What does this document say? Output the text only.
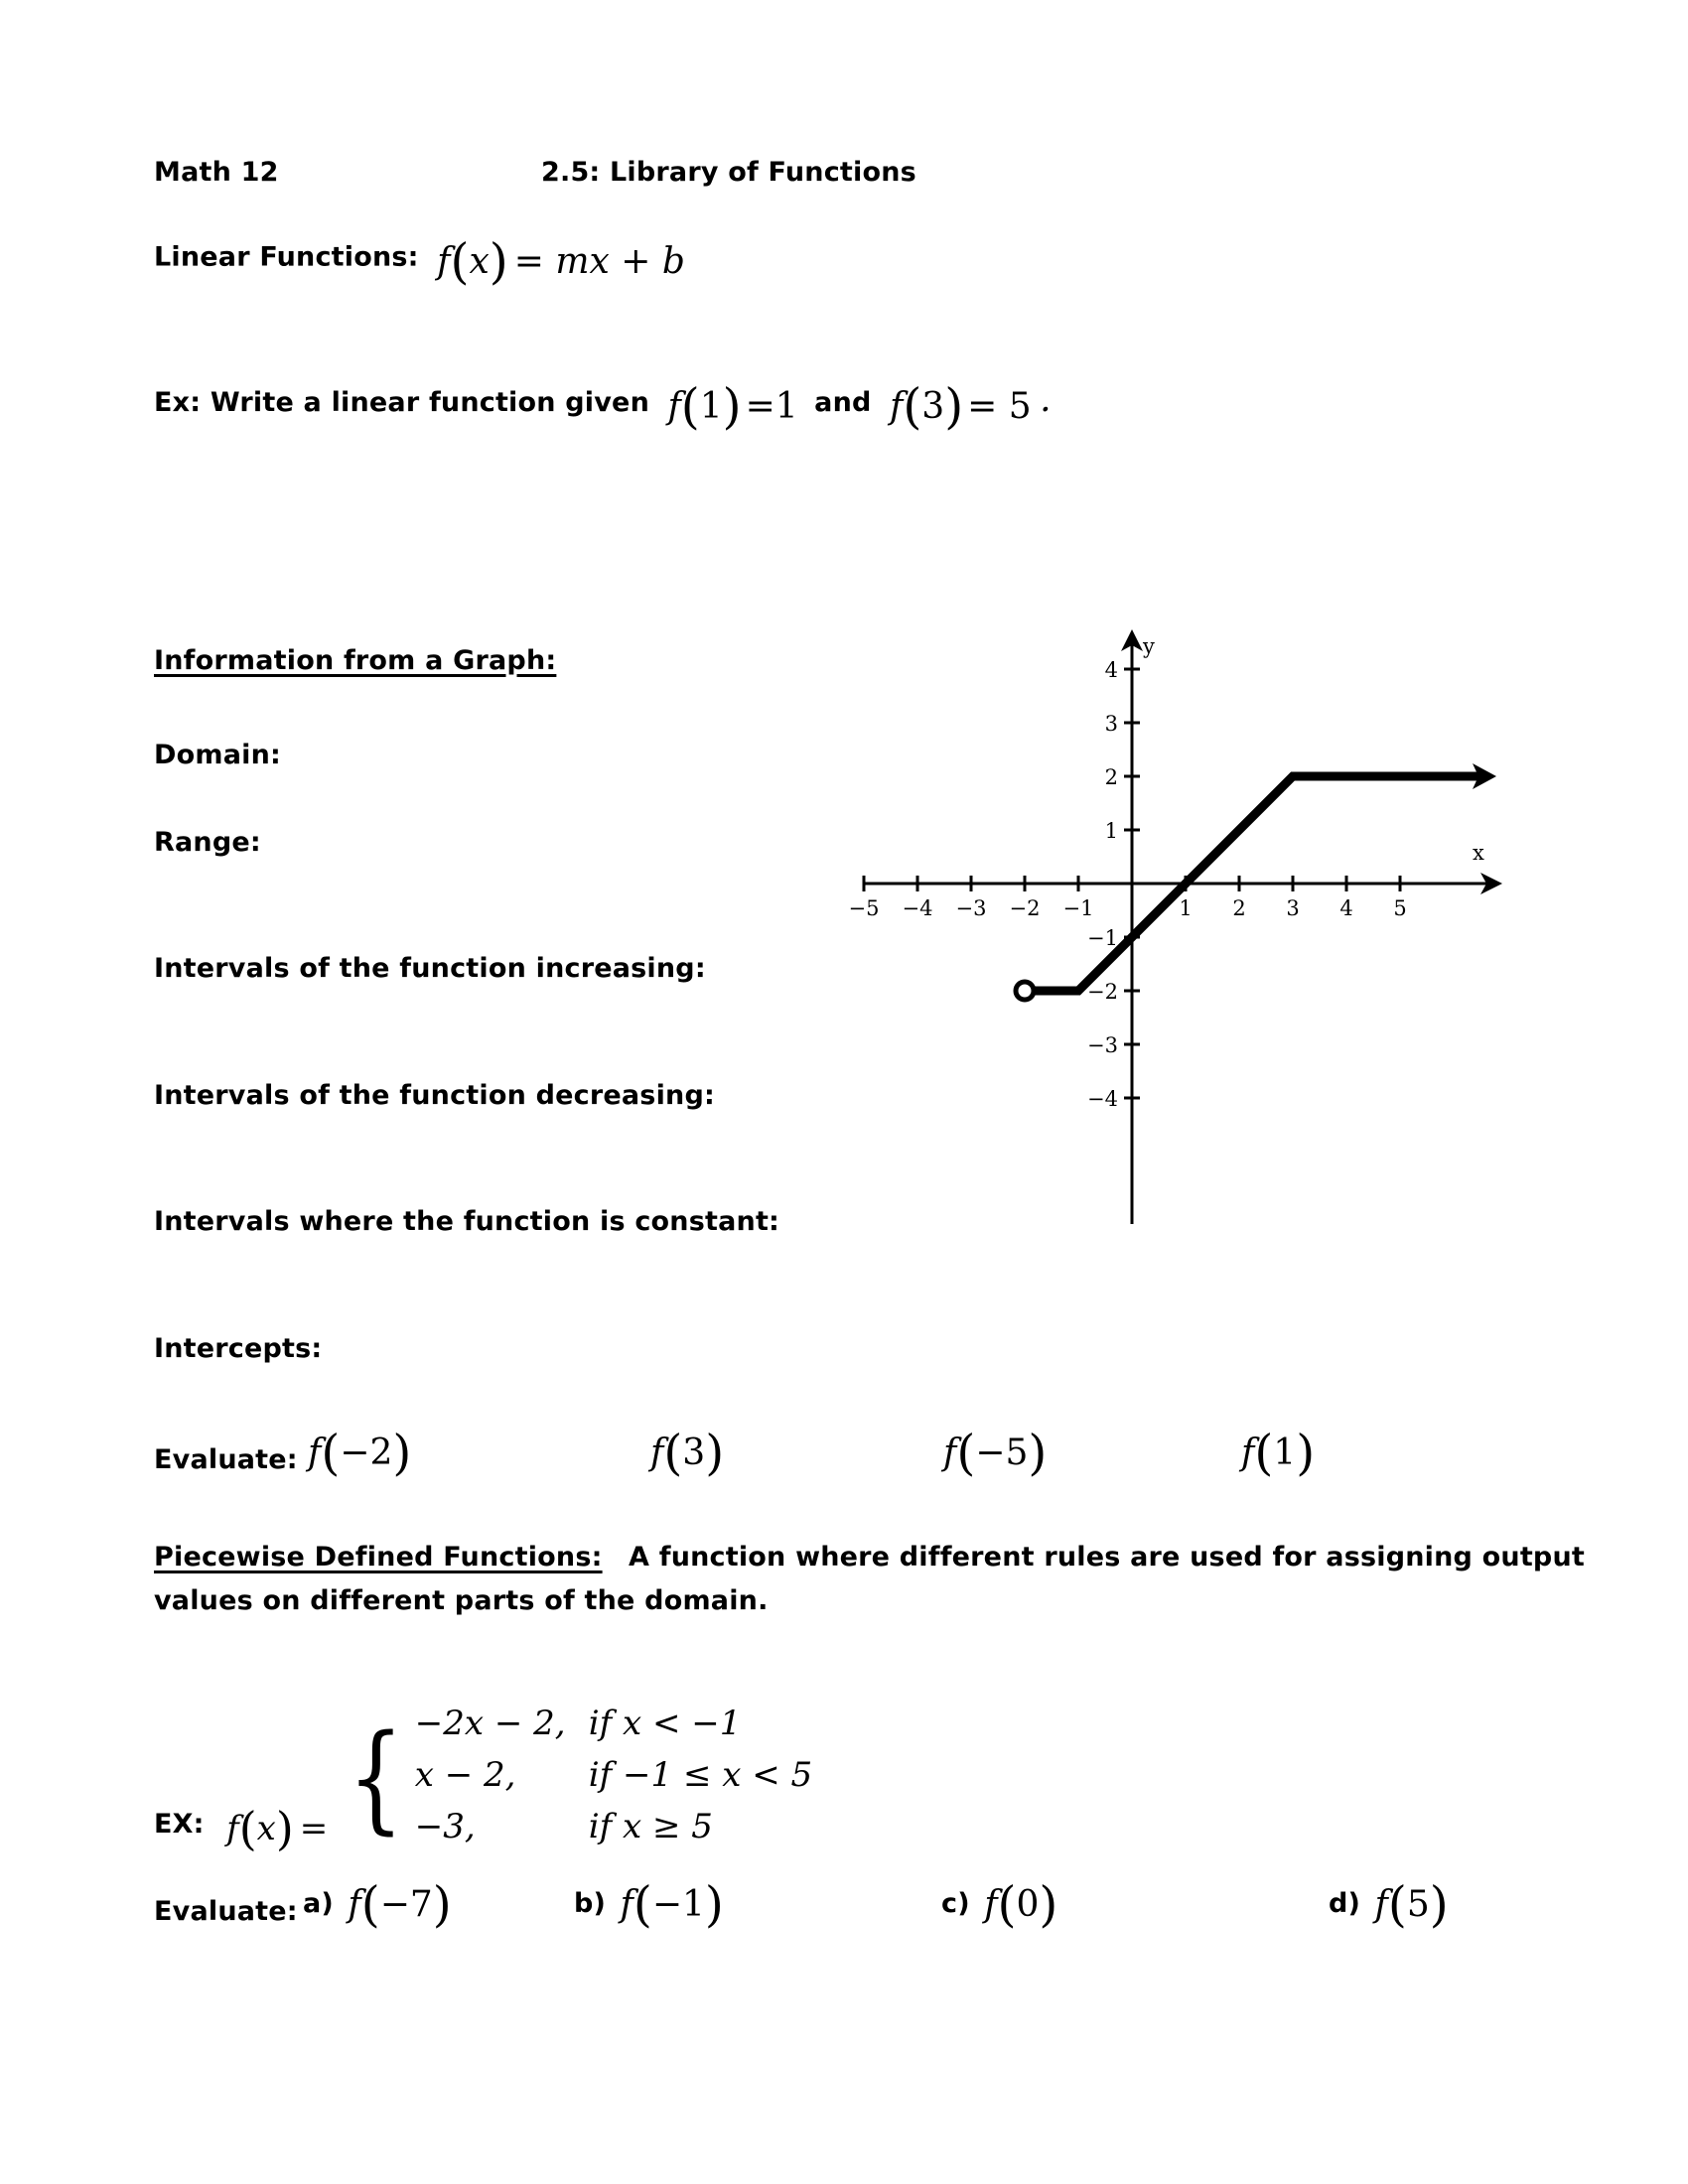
Math 12	2.5: Library of Functions
Linear Functions: f(x) = mx + b
Ex: Write a linear function given f(1) =1 and f(3) = 5 .
Information from a Graph:
Domain:
Range:
Intervals of the function increasing:
Intervals of the function decreasing:
Intervals where the function is constant:
Intercepts:
y
x
−5 −4 −3 −2 −1	1 2 3 4 5
4
3
2
1
−1
−2
−3
−4
Evaluate: f(−2)	f(3)	f(−5)	f(1)
Piecewise Defined Functions: A function where different rules are used for assigning output
values on different parts of the domain.
EX: f(x) = { −2x − 2, if x < −1
x − 2,	if −1 ≤ x < 5
−3,	if x ≥ 5
Evaluate: a) f(−7)	b) f(−1)	c) f(0)	d) f(5)
